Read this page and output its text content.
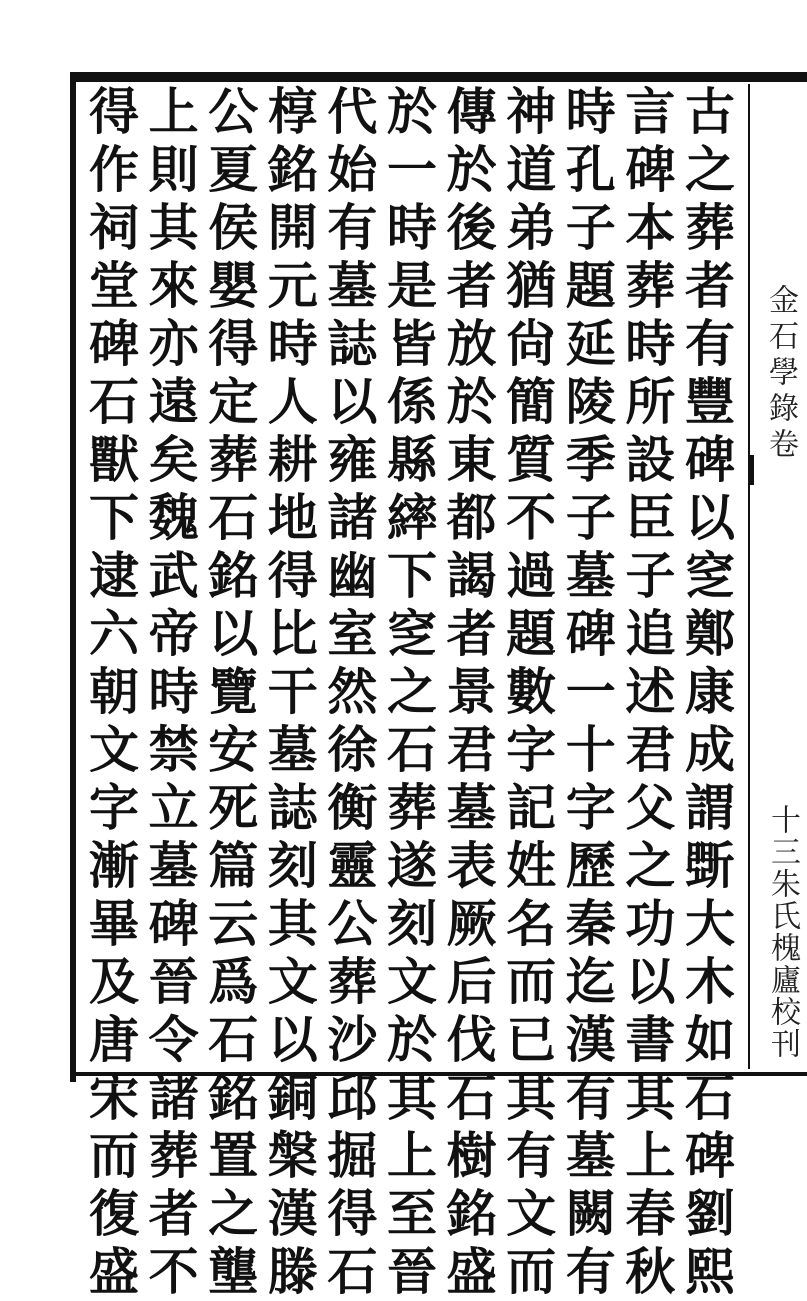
金石學錄卷
十三朱氏槐廬校刊
古
之
葬
者
有
豐
碑
以
窆
鄭
康
成
謂
斲
大
木
如
石
碑
劉
熙
言
碑
本
葬
時
所
設
臣
子
追
述
君
父
之
功
以
書
其
上
春
秋
時
孔
子
題
延
陵
季
子
墓
碑
一
十
字
歷
秦
迄
漢
有
墓
闕
有
神
道
弟
猶
尙
簡
質
不
過
題
數
字
記
姓
名
而
已
其
有
文
而
傳
於
後
者
放
於
東
都
謁
者
景
君
墓
表
厥
后
伐
石
樹
銘
盛
於
一
時
是
皆
係
縣
繂
下
窆
之
石
葬
遂
刻
文
於
其
上
至
晉
代
始
有
墓
誌
以
雍
諸
幽
室
然
徐
衡
靈
公
葬
沙
邱
掘
得
石
椁
銘
開
元
時
人
耕
地
得
比
干
墓
誌
刻
其
文
以
銅
槃
漢
滕
公
夏
侯
嬰
得
定
葬
石
銘
以
覽
安
死
篇
云
爲
石
銘
置
之
壟
上
則
其
來
亦
遠
矣
魏
武
帝
時
禁
立
墓
碑
晉
令
諸
葬
者
不
得
作
祠
堂
碑
石
獸
下
逮
六
朝
文
字
漸
畢
及
唐
宋
而
復
盛
